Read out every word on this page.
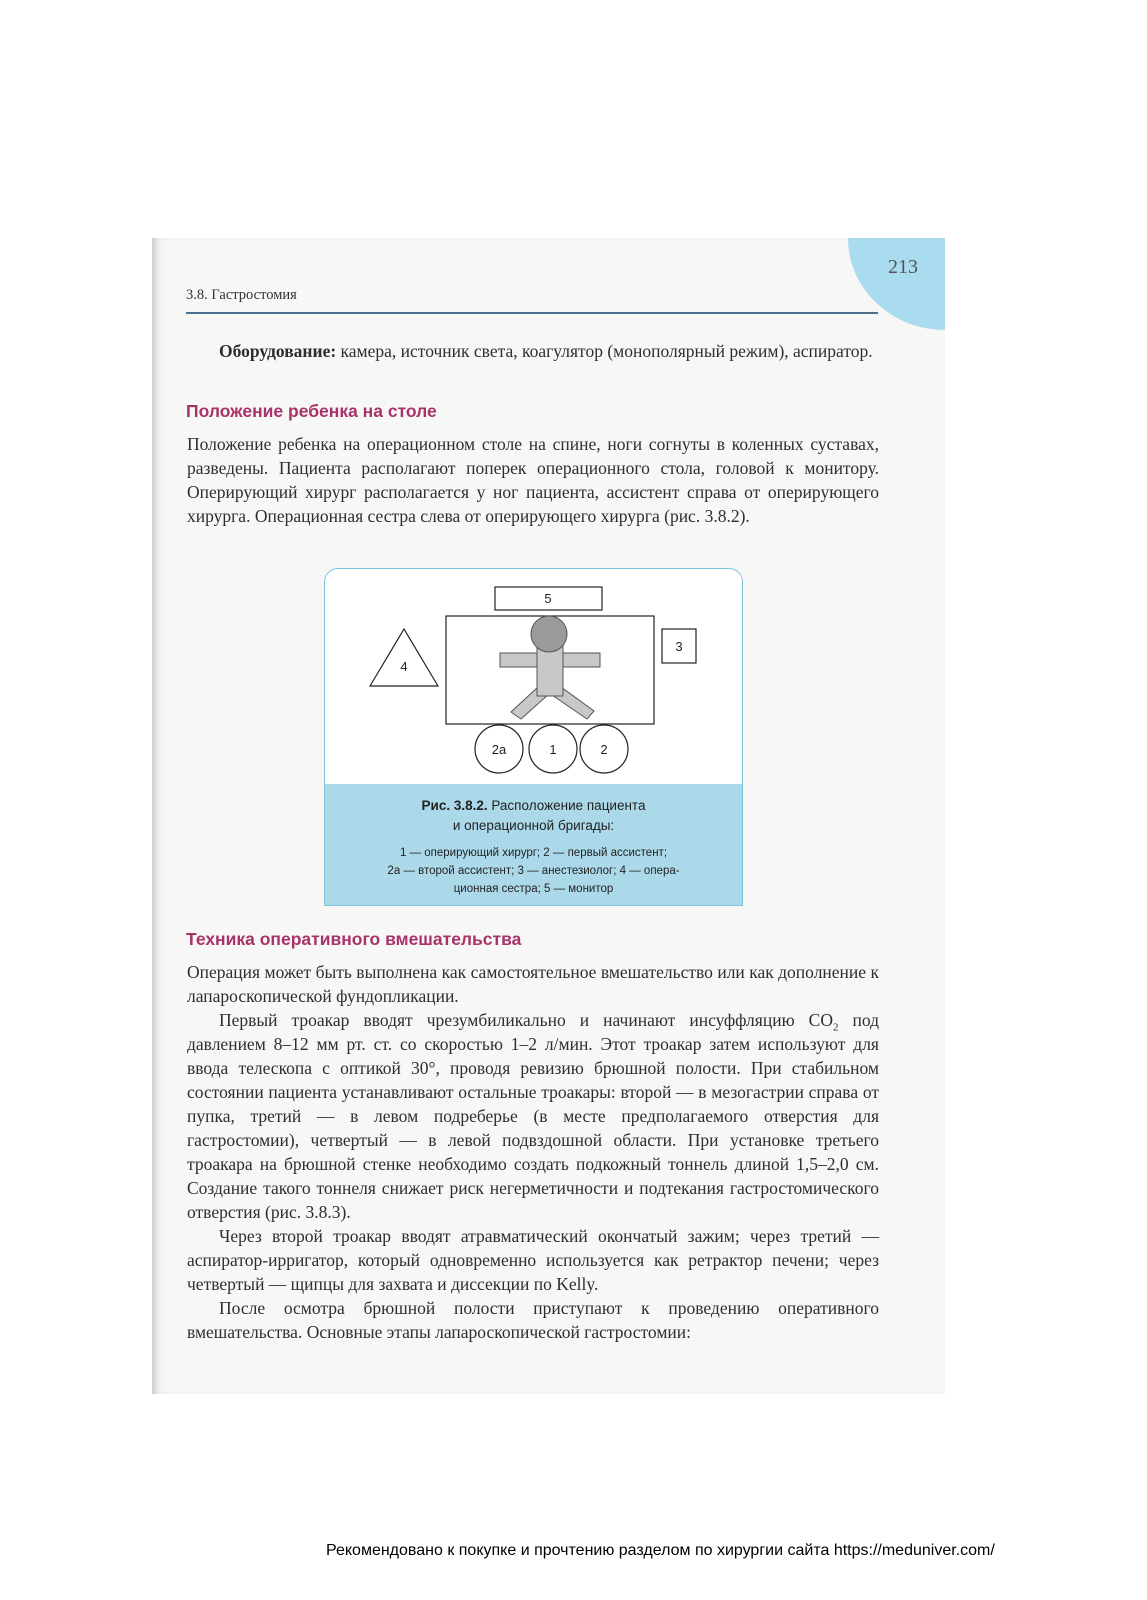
213
3.8. Гастростомия

Оборудование: камера, источник света, коагулятор (монополярный режим), аспиратор.

Положение ребенка на столе

Положение ребенка на операционном столе на спине, ноги согнуты в коленных суставах, разведены. Пациента располагают поперек операционного стола, головой к монитору. Оперирующий хирург располагается у ног пациента, ассистент справа от оперирующего хирурга. Операционная сестра слева от оперирующего хирурга (рис. 3.8.2).

5
3
4
2а	1	2
Рис. 3.8.2. Расположение пациента
и операционной бригады:
1 — оперирующий хирург; 2 — первый ассистент;
2а — второй ассистент; 3 — анестезиолог; 4 — опера-
ционная сестра; 5 — монитор
Техника оперативного вмешательства

Операция может быть выполнена как самостоятельное вмешательство или как дополнение к лапароскопической фундопликации.

Первый троакар вводят чрезумбиликально и начинают инсуффляцию $CO_2$ под давлением 8–12 мм рт. ст. со скоростью 1–2 л/мин. Этот троакар затем используют для ввода телескопа с оптикой 30°, проводя ревизию брюшной полости. При стабильном состоянии пациента устанавливают остальные троакары: второй — в мезогастрии справа от пупка, третий — в левом подреберье (в месте предполагаемого отверстия для гастростомии), четвертый — в левой подвздошной области. При установке третьего троакара на брюшной стенке необходимо создать подкожный тоннель длиной 1,5–2,0 см. Создание такого тоннеля снижает риск негерметичности и подтекания гастростомического отверстия (рис. 3.8.3).

Через второй троакар вводят атравматический окончатый зажим; через третий — аспиратор-ирригатор, который одновременно используется как ретрактор печени; через четвертый — щипцы для захвата и диссекции по Kelly.

После осмотра брюшной полости приступают к проведению оперативного вмешательства. Основные этапы лапароскопической гастростомии:

Рекомендовано к покупке и прочтению разделом по хирургии сайта https://meduniver.com/
